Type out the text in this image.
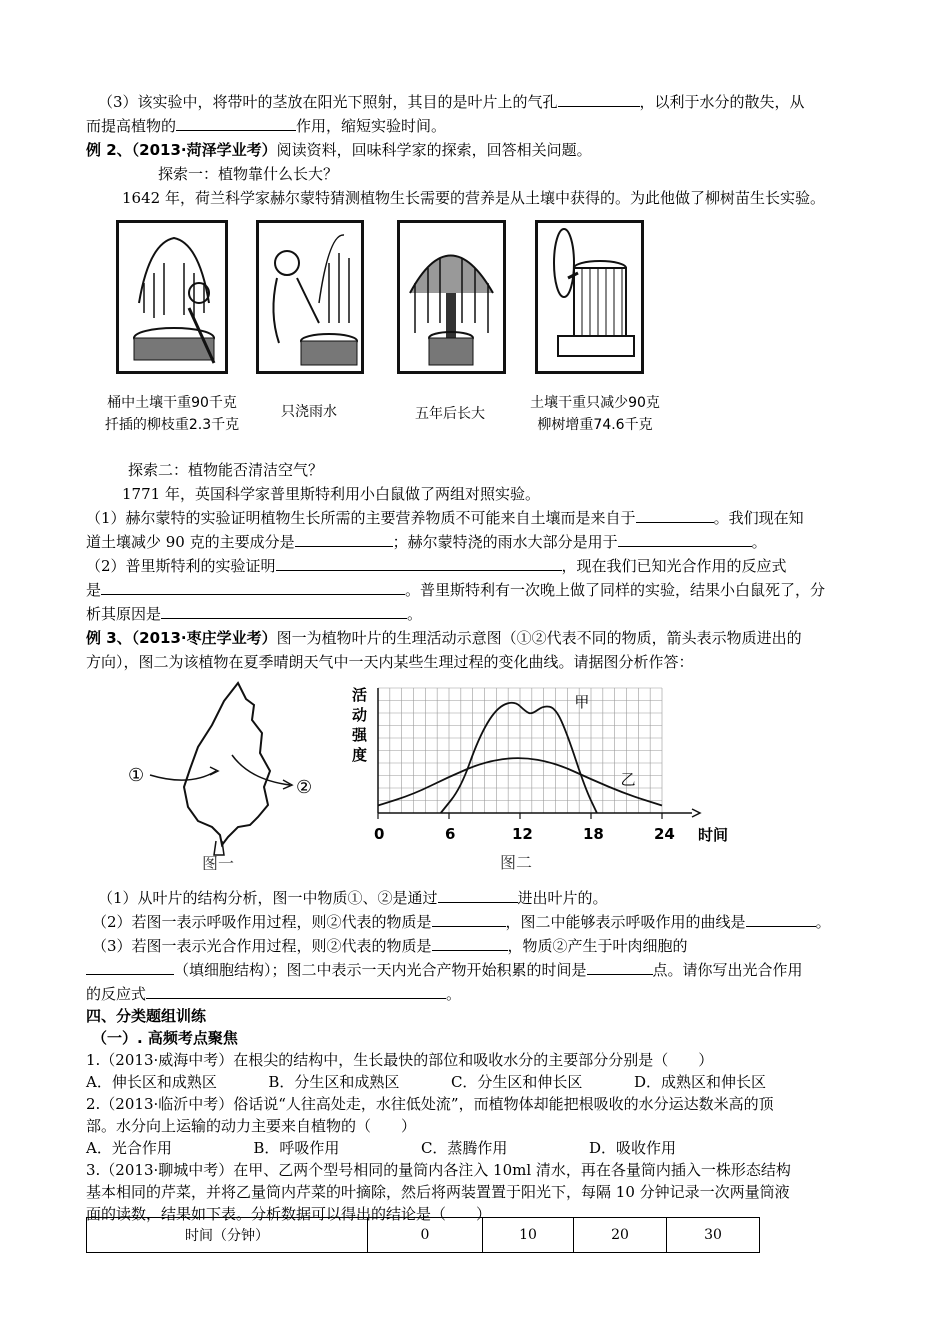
（3）该实验中，将带叶的茎放在阳光下照射，其目的是叶片上的气孔	，以利于水分的散失，从
而提高植物的	作用，缩短实验时间。
例 2、（2013·菏泽学业考）阅读资料，回味科学家的探索，回答相关问题。
探索一：植物靠什么长大？
1642 年，荷兰科学家赫尔蒙特猜测植物生长需要的营养是从土壤中获得的。为此他做了柳树苗生长实验。
桶中土壤干重90千克
扦插的柳枝重2.3千克
只浇雨水	五年后长大
土壤干重只减少90克
柳树增重74.6千克
探索二：植物能否清洁空气？
1771 年，英国科学家普里斯特利用小白鼠做了两组对照实验。
（1）赫尔蒙特的实验证明植物生长所需的主要营养物质不可能来自土壤而是来自于	。我们现在知
道土壤减少 90 克的主要成分是	；赫尔蒙特浇的雨水大部分是用于	。
（2）普里斯特利的实验证明	，现在我们已知光合作用的反应式
是	。普里斯特利有一次晚上做了同样的实验，结果小白鼠死了，分
析其原因是	。
例 3、（2013·枣庄学业考）图一为植物叶片的生理活动示意图（①②代表不同的物质，箭头表示物质进出的
方向），图二为该植物在夏季晴朗天气中一天内某些生理过程的变化曲线。请据图分析作答：
①
②
图一
甲
乙
0	6	12	18	24
活
动
强
度
时间
图二
（1）从叶片的结构分析，图一中物质①、②是通过	进出叶片的。
（2）若图一表示呼吸作用过程，则②代表的物质是	，图二中能够表示呼吸作用的曲线是	。
（3）若图一表示光合作用过程，则②代表的物质是	，物质②产生于叶肉细胞的
（填细胞结构）；图二中表示一天内光合产物开始积累的时间是	点。请你写出光合作用
的反应式	。
四、分类题组训练
（一）. 高频考点聚焦
1.（2013·威海中考）在根尖的结构中，生长最快的部位和吸收水分的主要部分分别是（　　）
A．伸长区和成熟区	B．分生区和成熟区	C．分生区和伸长区	D．成熟区和伸长区
2.（2013·临沂中考）俗话说“人往高处走，水往低处流”，而植物体却能把根吸收的水分运达数米高的顶
部。水分向上运输的动力主要来自植物的（　　）
A．光合作用	B．呼吸作用	C．蒸腾作用	D．吸收作用
3.（2013·聊城中考）在甲、乙两个型号相同的量筒内各注入 10ml 清水，再在各量筒内插入一株形态结构
基本相同的芹菜，并将乙量筒内芹菜的叶摘除，然后将两装置置于阳光下，每隔 10 分钟记录一次两量筒液
面的读数，结果如下表。分析数据可以得出的结论是（　　）
时间（分钟）	0	10	20	30
